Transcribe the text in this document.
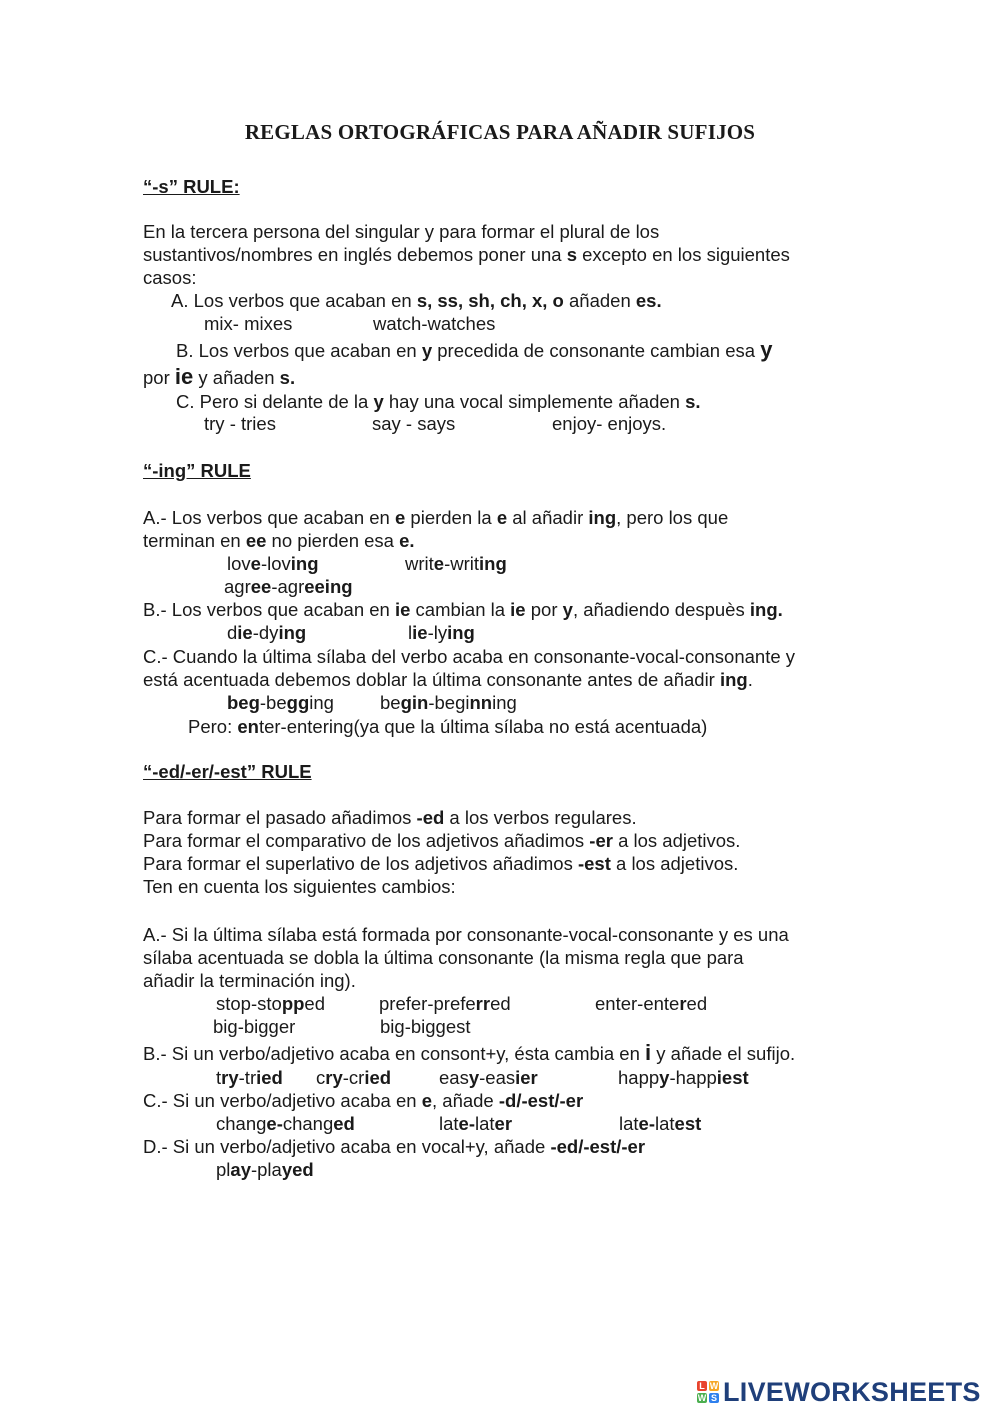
REGLAS ORTOGRÁFICAS PARA AÑADIR SUFIJOS
“-s” RULE:
En la tercera persona del singular y para formar el plural de los
sustantivos/nombres en inglés debemos poner una s excepto en los siguientes
casos:
A. Los verbos que acaban en s, ss, sh, ch, x, o añaden es.
mix- mixes	watch-watches
B. Los verbos que acaban en y precedida de consonante cambian esa y
por ie y añaden s.
C. Pero si delante de la y hay una vocal simplemente añaden s.
try - tries	say - says	enjoy- enjoys.
“-ing” RULE
A.- Los verbos que acaban en e pierden la e al añadir ing, pero los que
terminan en ee no pierden esa e.
love-loving	write-writing
agree-agreeing
B.- Los verbos que acaban en ie cambian la ie por y, añadiendo despuès ing.
die-dying	lie-lying
C.- Cuando la última sílaba del verbo acaba en consonante-vocal-consonante y
está acentuada debemos doblar la última consonante antes de añadir ing.
beg-begging begin-beginning
Pero: enter-entering(ya que la última sílaba no está acentuada)
“-ed/-er/-est” RULE
Para formar el pasado añadimos -ed a los verbos regulares.
Para formar el comparativo de los adjetivos añadimos -er a los adjetivos.
Para formar el superlativo de los adjetivos añadimos -est a los adjetivos.
Ten en cuenta los siguientes cambios:
A.- Si la última sílaba está formada por consonante-vocal-consonante y es una
sílaba acentuada se dobla la última consonante (la misma regla que para
añadir la terminación ing).
stop-stopped	prefer-preferred	enter-entered
big-bigger	big-biggest
B.- Si un verbo/adjetivo acaba en consont+y, ésta cambia en i y añade el sufijo.
try-tried cry-cried	easy-easier	happy-happiest
C.- Si un verbo/adjetivo acaba en e, añade -d/-est/-er
change-changed	late-later	late-latest
D.- Si un verbo/adjetivo acaba en vocal+y, añade -ed/-est/-er
play-played
L W
W S LIVEWORKSHEETS
